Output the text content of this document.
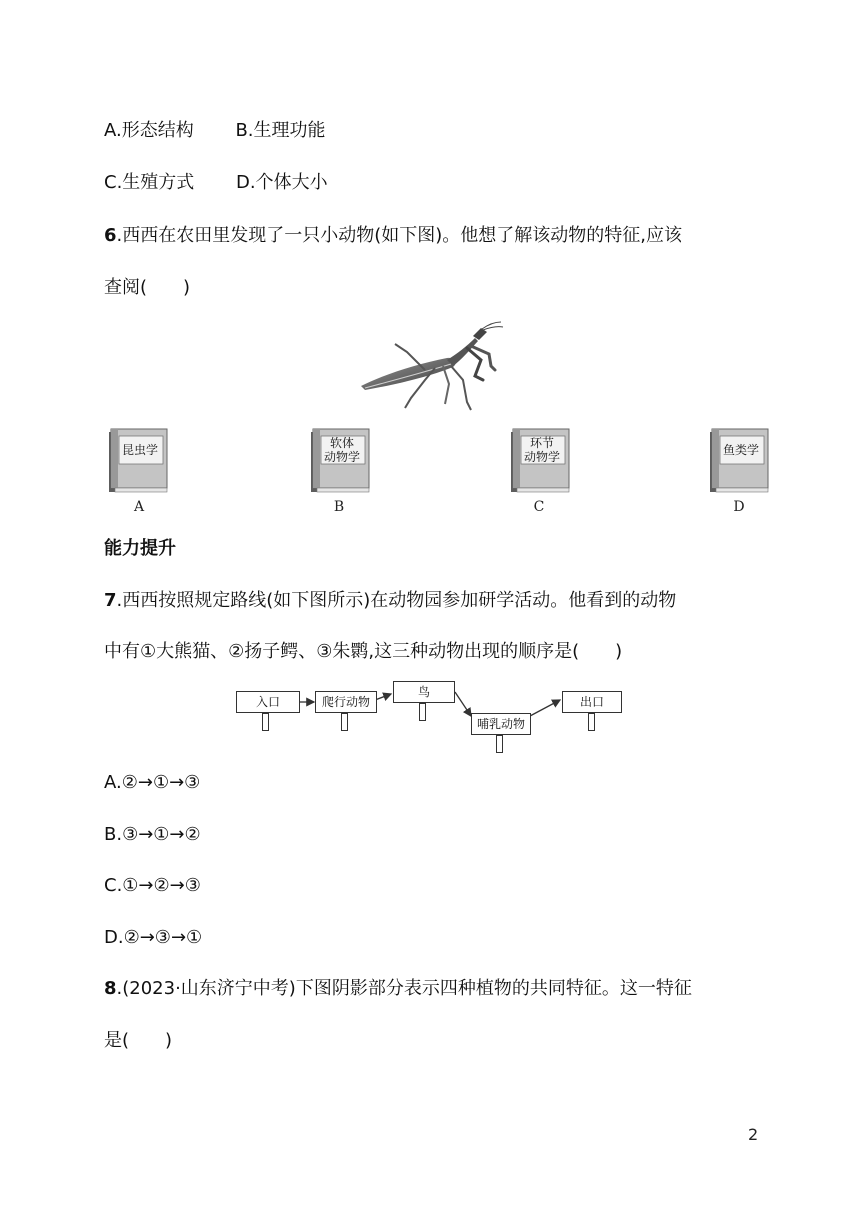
A.形态结构 B.生理功能
C.生殖方式 D.个体大小
6.西西在农田里发现了一只小动物(如下图)。他想了解该动物的特征,应该
查阅(　　)
昆虫学
A
软体
动物学
B
环节
动物学
C
鱼类学
D
能力提升
7.西西按照规定路线(如下图所示)在动物园参加研学活动。他看到的动物
中有①大熊猫、②扬子鳄、③朱鹮,这三种动物出现的顺序是(　　)
入口	爬行动物
鸟
哺乳动物
出口
A.②→①→③
B.③→①→②
C.①→②→③
D.②→③→①
8.(2023·山东济宁中考)下图阴影部分表示四种植物的共同特征。这一特征
是(　　)
2
